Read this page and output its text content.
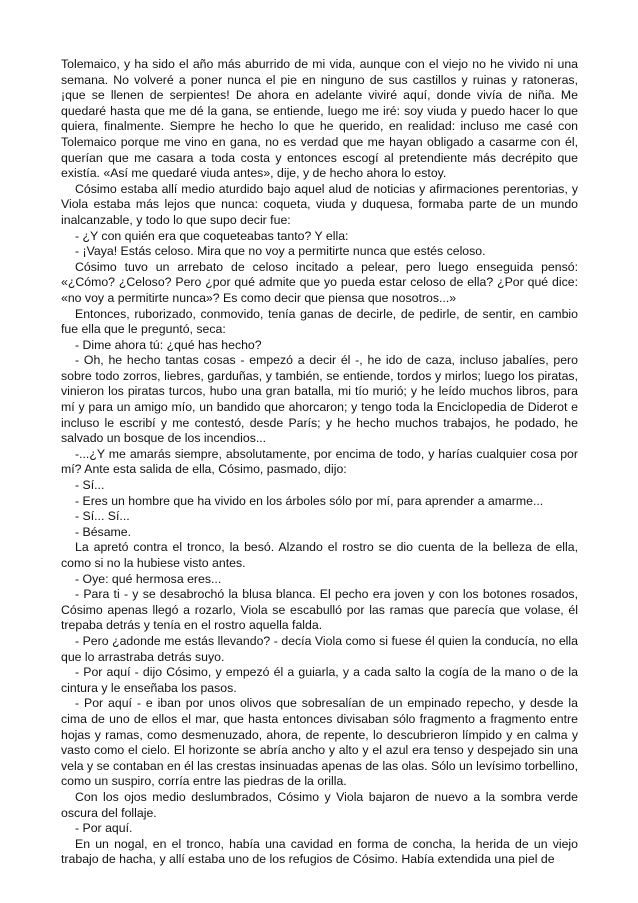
Tolemaico, y ha sido el año más aburrido de mi vida, aunque con el viejo no he vivido ni una semana. No volveré a poner nunca el pie en ninguno de sus castillos y ruinas y ratoneras, ¡que se llenen de serpientes! De ahora en adelante viviré aquí, donde vivía de niña. Me quedaré hasta que me dé la gana, se entiende, luego me iré: soy viuda y puedo hacer lo que quiera, finalmente. Siempre he hecho lo que he querido, en realidad: incluso me casé con Tolemaico porque me vino en gana, no es verdad que me hayan obligado a casarme con él, querían que me casara a toda costa y entonces escogí al pretendiente más decrépito que existía. «Así me quedaré viuda antes», dije, y de hecho ahora lo estoy.

Cósimo estaba allí medio aturdido bajo aquel alud de noticias y afirmaciones perentorias, y Viola estaba más lejos que nunca: coqueta, viuda y duquesa, formaba parte de un mundo inalcanzable, y todo lo que supo decir fue:

- ¿Y con quién era que coqueteabas tanto? Y ella:

- ¡Vaya! Estás celoso. Mira que no voy a permitirte nunca que estés celoso.

Cósimo tuvo un arrebato de celoso incitado a pelear, pero luego enseguida pensó: «¿Cómo? ¿Celoso? Pero ¿por qué admite que yo pueda estar celoso de ella? ¿Por qué dice: «no voy a permitirte nunca»? Es como decir que piensa que nosotros...»

Entonces, ruborizado, conmovido, tenía ganas de decirle, de pedirle, de sentir, en cambio fue ella que le preguntó, seca:

- Dime ahora tú: ¿qué has hecho?

- Oh, he hecho tantas cosas - empezó a decir él -, he ido de caza, incluso jabalíes, pero sobre todo zorros, liebres, garduñas, y también, se entiende, tordos y mirlos; luego los piratas, vinieron los piratas turcos, hubo una gran batalla, mi tío murió; y he leído muchos libros, para mí y para un amigo mío, un bandido que ahorcaron; y tengo toda la Enciclopedia de Diderot e incluso le escribí y me contestó, desde París; y he hecho muchos trabajos, he podado, he salvado un bosque de los incendios...

-...¿Y me amarás siempre, absolutamente, por encima de todo, y harías cualquier cosa por mí? Ante esta salida de ella, Cósimo, pasmado, dijo:

- Sí...

- Eres un hombre que ha vivido en los árboles sólo por mí, para aprender a amarme...

- Sí... Sí...

- Bésame.

La apretó contra el tronco, la besó. Alzando el rostro se dio cuenta de la belleza de ella, como si no la hubiese visto antes.

- Oye: qué hermosa eres...

- Para ti - y se desabrochó la blusa blanca. El pecho era joven y con los botones rosados, Cósimo apenas llegó a rozarlo, Viola se escabulló por las ramas que parecía que volase, él trepaba detrás y tenía en el rostro aquella falda.

- Pero ¿adonde me estás llevando? - decía Viola como si fuese él quien la conducía, no ella que lo arrastraba detrás suyo.

- Por aquí - dijo Cósimo, y empezó él a guiarla, y a cada salto la cogía de la mano o de la cintura y le enseñaba los pasos.

- Por aquí - e iban por unos olivos que sobresalían de un empinado repecho, y desde la cima de uno de ellos el mar, que hasta entonces divisaban sólo fragmento a fragmento entre hojas y ramas, como desmenuzado, ahora, de repente, lo descubrieron límpido y en calma y vasto como el cielo. El horizonte se abría ancho y alto y el azul era tenso y despejado sin una vela y se contaban en él las crestas insinuadas apenas de las olas. Sólo un levísimo torbellino, como un suspiro, corría entre las piedras de la orilla.

Con los ojos medio deslumbrados, Cósimo y Viola bajaron de nuevo a la sombra verde oscura del follaje.

- Por aquí.

En un nogal, en el tronco, había una cavidad en forma de concha, la herida de un viejo trabajo de hacha, y allí estaba uno de los refugios de Cósimo. Había extendida una piel de
